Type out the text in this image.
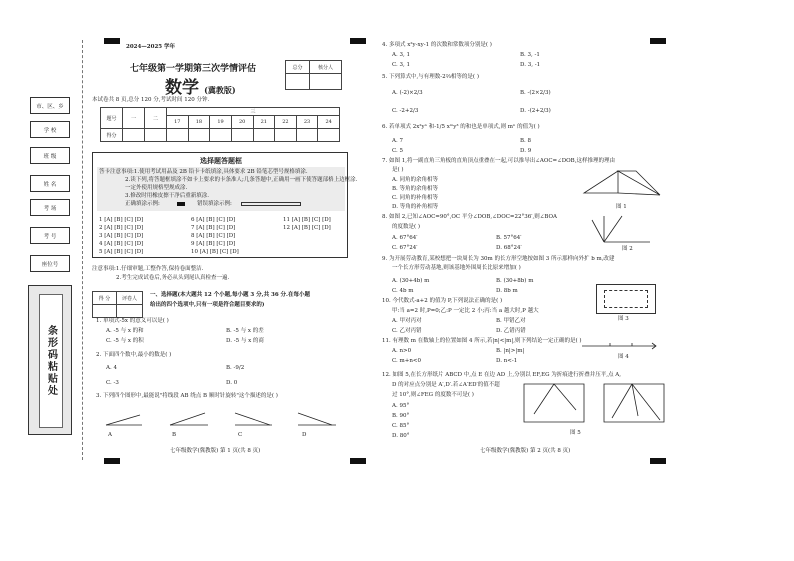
市、区、乡
学 校
班 级
姓 名
考 场
考 号
座位号
条形码粘贴处
2024—2025 学年
七年级第一学期第三次学情评估
数学 (冀教版)
总分	核分人

本试卷共 8 页,总分 120 分,考试时间 120 分钟.
题号	一	二	三							
			17	18	19	20	21	22	23	24
得分										
选择题答题框
答卡注意事项:1.使用考试用品及 2B 铅卡卡纸填涂,具体要求 2B 铅笔芯型号规格填涂.
2.读下列,将答题框填涂不如卡上要求的卡条准人;几条答题中,正确用一画下使答题部格上边框涂.
一定外使用规格型规成涂.
3.修改时用橡皮擦干净后重新填涂.
正确填涂示例:	错误填涂示例:
1 [A] [B] [C] [D]	6 [A] [B] [C] [D]	11 [A] [B] [C] [D]
2 [A] [B] [C] [D]	7 [A] [B] [C] [D]	12 [A] [B] [C] [D]
3 [A] [B] [C] [D]	8 [A] [B] [C] [D]
4 [A] [B] [C] [D]	9 [A] [B] [C] [D]
5 [A] [B] [C] [D]	10 [A] [B] [C] [D]
注意事项:1.仔细审题,工整作答,保持卷面整洁.
2.考生完成试卷后,务必从头到尾认真检查一遍.
得 分	评卷人

一、选择题(本大题共 12 个小题,每小题 3 分,共 36 分.在每小题
给出的四个选项中,只有一项是符合题目要求的)
1. 单项式-5x 的意义可以是( )
A. -5 与 x 的和	B. -5 与 x 的差
C. -5 与 x 的积	D. -5 与 x 的商
2. 下面四个数中,最小的数是( )
A. 4	B. -9/2
C. -3	D. 0
3. 下列四个图形中,最能说"将线段 AB 绕点 B 顺时针旋转"这个描述的是( )
A	B	C	D
七年级数学(冀教版) 第 1 页(共 8 页)
4. 多项式 x²y-xy-1 的次数和常数项分别是( )
A. 3, 1	B. 3, -1
C. 3, 1	D. 3, -1
5. 下列算式中,与有理数-2⅔相等的是( )
A. (-2)×2/3	B. -(2×2/3)
C. -2+2/3	D. -(2+2/3)
6. 若单项式 2x²yⁿ 和-1/5 xᵐy³ 的和也是单项式,则 mⁿ 的值为( )
A. 7	B. 8
C. 5	D. 9
7. 如图 1,将一副直角三角板的直角顶点重叠在一起,可以推导出∠AOC=∠DOB,这样推理的理由
是( )
A. 同角的余角相等
B. 等角的余角相等
C. 同角的补角相等
D. 等角的补角相等	图 1
8. 如图 2,已知∠AOC=90°,OC 平分∠DOB,∠DOC=22°36′,则∠BOA
的度数是( )
A. 67°64′	B. 57°64′
C. 67°24′	D. 68°24′	图 2
9. 为开展劳动教育,某校想把一块周长为 30m 的长方形空地按如图 3 所示那样向外扩 b m,改建
一个长方形劳动基地,则该基地外围周长比原来增加( )
A. (30+4b) m	B. (30+8b) m
C. 4b m	D. 8b m
图 3
10. 今代数式-a+2 的值为 P,下列说法正确的是( )
甲:当 a=2 时,P=0;乙:P 一定比 2 小;丙:当 a 越大时,P 越大
A. 甲对丙对	B. 甲错乙对
C. 乙对丙错	D. 乙错丙错
11. 有理数 m 在数轴上的位置如图 4 所示,若|n|<|m|,则下列结论一定正确的是( )
A. n>0	B. |n|>|m|
C. m+n<0	D. n<-1
图 4
12. 如图 5,在长方形纸片 ABCD 中,点 E 在边 AD 上,分别以 EF,EG 为折痕进行折叠并压平,点 A,
D 的对应点分别是 A′,D′.若∠A′ED′的值不超
过 10°,则∠FEG 的度数不可是( )
A. 95°
B. 90°
C. 85°
D. 80°	图 5
七年级数学(冀教版) 第 2 页(共 8 页)
